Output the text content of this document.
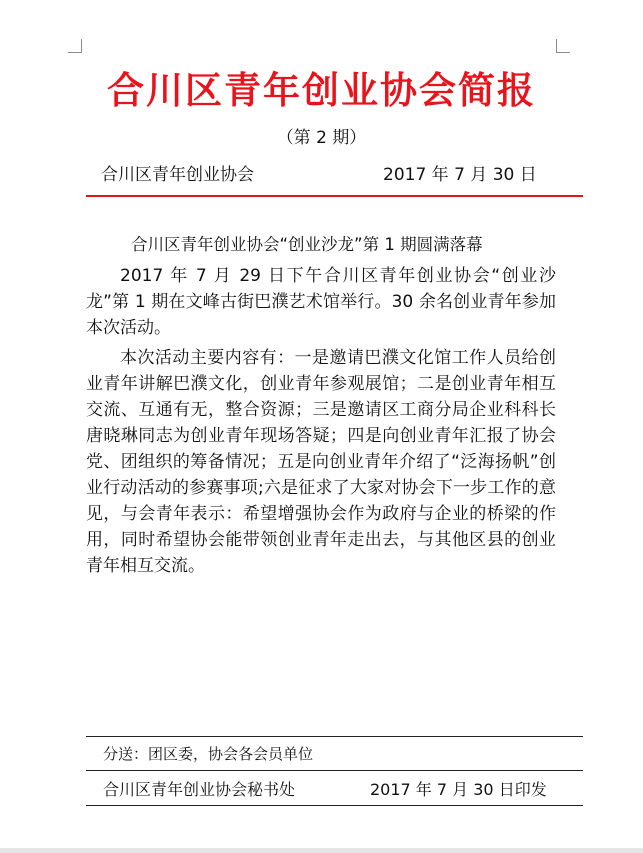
合川区青年创业协会简报
（第 2 期）
合川区青年创业协会	2017 年 7 月 30 日
合川区青年创业协会“创业沙龙”第 1 期圆满落幕

2017 年 7 月 29 日下午合川区青年创业协会“创业沙龙”第 1 期在文峰古街巴濮艺术馆举行。30 余名创业青年参加本次活动。

本次活动主要内容有：一是邀请巴濮文化馆工作人员给创业青年讲解巴濮文化，创业青年参观展馆；二是创业青年相互交流、互通有无，整合资源；三是邀请区工商分局企业科科长唐晓琳同志为创业青年现场答疑；四是向创业青年汇报了协会党、团组织的筹备情况；五是向创业青年介绍了“泛海扬帆”创业行动活动的参赛事项;六是征求了大家对协会下一步工作的意见，与会青年表示：希望增强协会作为政府与企业的桥梁的作用，同时希望协会能带领创业青年走出去，与其他区县的创业青年相互交流。

分送：团区委，协会各会员单位
合川区青年创业协会秘书处	2017 年 7 月 30 日印发
